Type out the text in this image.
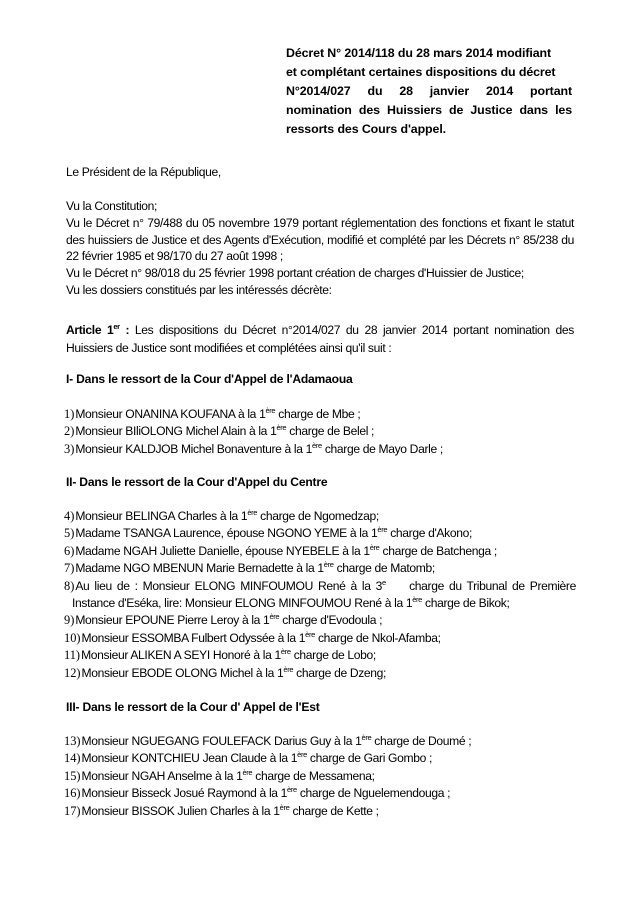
Décret N° 2014/118 du 28 mars 2014 modifiant
et complétant certaines dispositions du décret
N°2014/027 du 28 janvier 2014 portant
nomination des Huissiers de Justice dans les
ressorts des Cours d'appel.
Le Président de la République,
Vu la Constitution;
Vu le Décret n° 79/488 du 05 novembre 1979 portant réglementation des fonctions et fixant le statut des huissiers de Justice et des Agents d'Exécution, modifié et complété par les Décrets n° 85/238 du 22 février 1985 et 98/170 du 27 août 1998 ;
Vu le Décret n° 98/018 du 25 février 1998 portant création de charges d'Huissier de Justice;
Vu les dossiers constitués par les intéressés décrète:
Article 1er : Les dispositions du Décret n°2014/027 du 28 janvier 2014 portant nomination des Huissiers de Justice sont modifiées et complétées ainsi qu'il suit :
I- Dans le ressort de la Cour d'Appel de l'Adamaoua
1)Monsieur ONANINA KOUFANA à la 1ère charge de Mbe ;
2)Monsieur BIliOLONG Michel Alain à la 1ère charge de Belel ;
3)Monsieur KALDJOB Michel Bonaventure à la 1ère charge de Mayo Darle ;
II- Dans le ressort de la Cour d'Appel du Centre
4)Monsieur BELINGA Charles à la 1ère charge de Ngomedzap;
5)Madame TSANGA Laurence, épouse NGONO YEME à la 1ère charge d'Akono;
6)Madame NGAH Juliette Danielle, épouse NYEBELE à la 1ère charge de Batchenga ;
7)Madame NGO MBENUN Marie Bernadette à la 1ère charge de Matomb;
8)Au lieu de : Monsieur ELONG MINFOUMOU René à la 3e charge du Tribunal de Première
Instance d'Eséka, lire: Monsieur ELONG MINFOUMOU René à la 1ère charge de Bikok;
9)Monsieur EPOUNE Pierre Leroy à la 1ère charge d'Evodoula ;
10)Monsieur ESSOMBA Fulbert Odyssée à la 1ère charge de Nkol-Afamba;
11)Monsieur ALIKEN A SEYI Honoré à la 1ère charge de Lobo;
12)Monsieur EBODE OLONG Michel à la 1ère charge de Dzeng;
III- Dans le ressort de la Cour d' Appel de l'Est
13)Monsieur NGUEGANG FOULEFACK Darius Guy à la 1ère charge de Doumé ;
14)Monsieur KONTCHIEU Jean Claude à la 1ère charge de Gari Gombo ;
15)Monsieur NGAH Anselme à la 1ère charge de Messamena;
16)Monsieur Bisseck Josué Raymond à la 1ère charge de Nguelemendouga ;
17)Monsieur BISSOK Julien Charles à la 1ère charge de Kette ;
